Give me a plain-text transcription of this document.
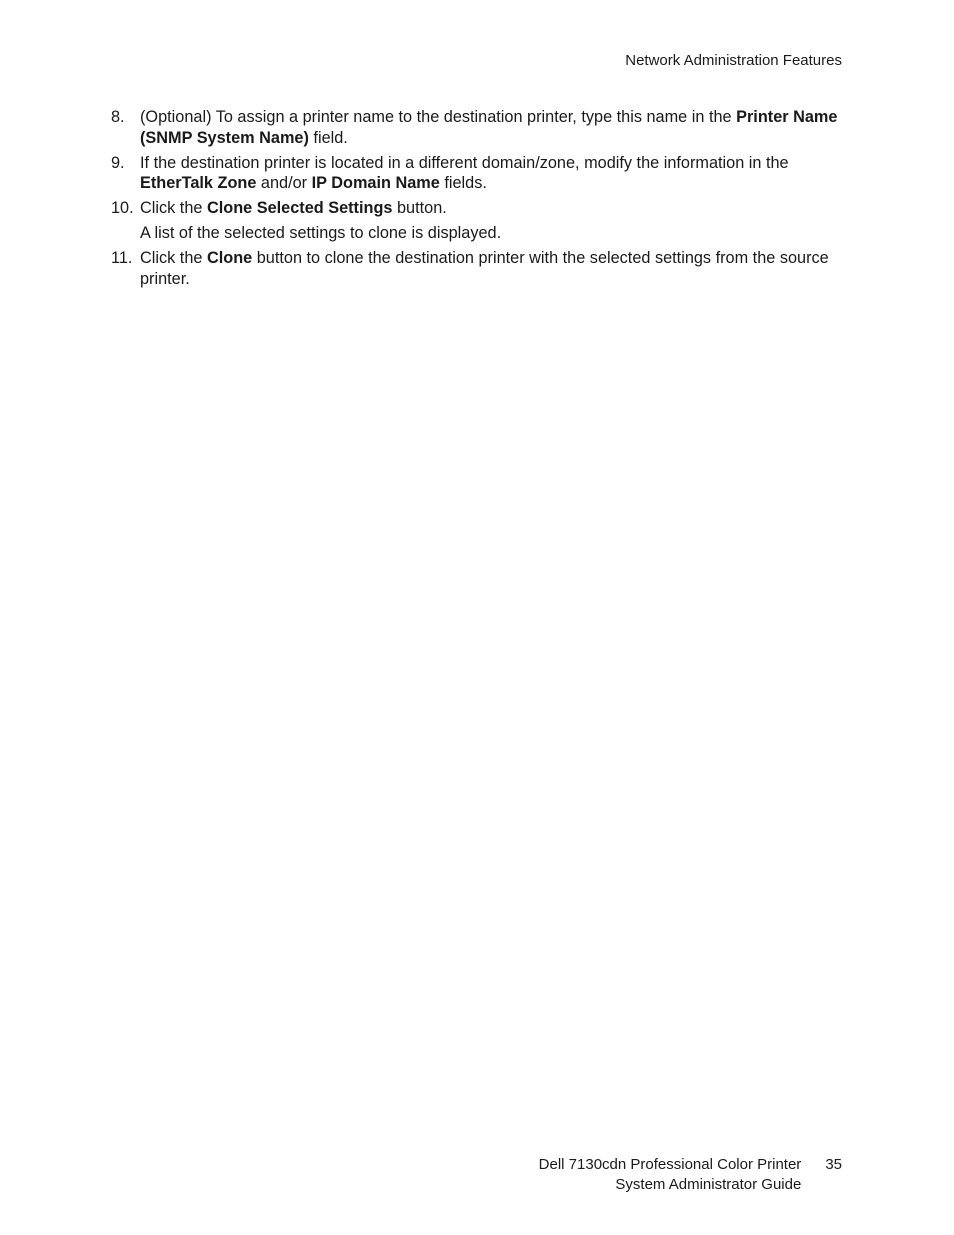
Network Administration Features
8. (Optional) To assign a printer name to the destination printer, type this name in the Printer Name (SNMP System Name) field.
9. If the destination printer is located in a different domain/zone, modify the information in the EtherTalk Zone and/or IP Domain Name fields.
10. Click the Clone Selected Settings button.
A list of the selected settings to clone is displayed.
11. Click the Clone button to clone the destination printer with the selected settings from the source printer.
Dell 7130cdn Professional Color Printer
System Administrator Guide
35
